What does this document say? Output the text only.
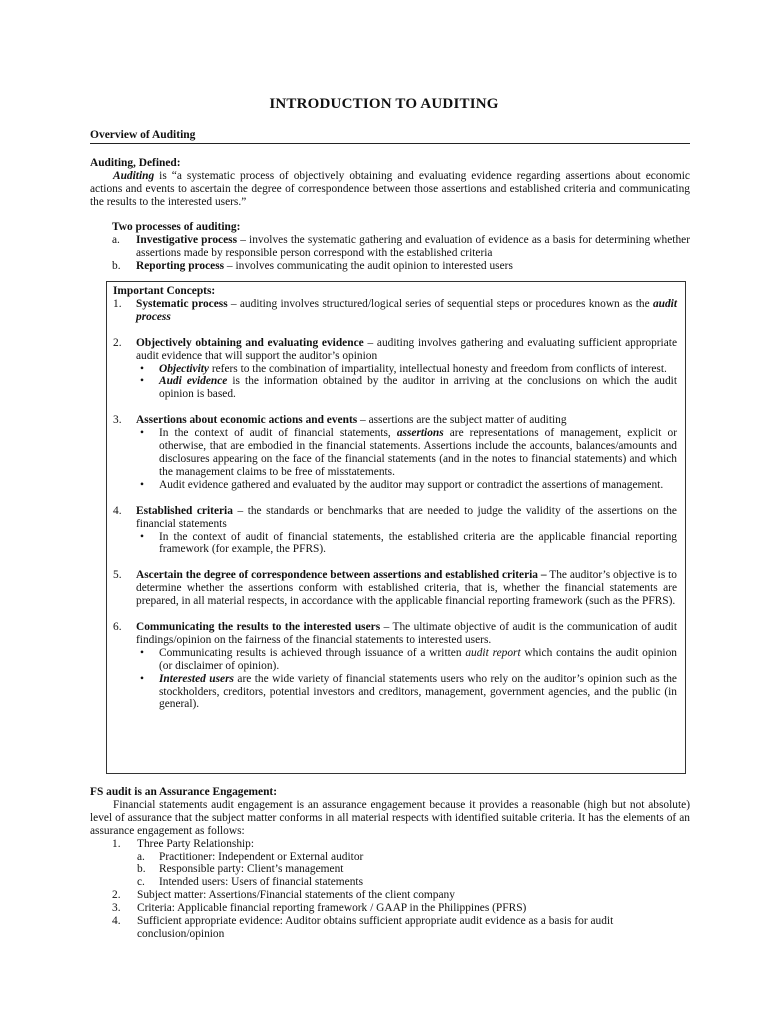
INTRODUCTION TO AUDITING
Overview of Auditing
Auditing, Defined:
Auditing is “a systematic process of objectively obtaining and evaluating evidence regarding assertions about economic actions and events to ascertain the degree of correspondence between those assertions and established criteria and communicating the results to the interested users.”
Two processes of auditing:
a.	Investigative process – involves the systematic gathering and evaluation of evidence as a basis for determining whether assertions made by responsible person correspond with the established criteria
b.	Reporting process – involves communicating the audit opinion to interested users
Important Concepts:
1.	Systematic process – auditing involves structured/logical series of sequential steps or procedures known as the audit process
2.	Objectively obtaining and evaluating evidence – auditing involves gathering and evaluating sufficient appropriate audit evidence that will support the auditor’s opinion
•	Objectivity refers to the combination of impartiality, intellectual honesty and freedom from conflicts of interest.
•	Audi evidence is the information obtained by the auditor in arriving at the conclusions on which the audit opinion is based.
3.	Assertions about economic actions and events – assertions are the subject matter of auditing
•	In the context of audit of financial statements, assertions are representations of management, explicit or otherwise, that are embodied in the financial statements. Assertions include the accounts, balances/amounts and disclosures appearing on the face of the financial statements (and in the notes to financial statements) and which the management claims to be free of misstatements.
•	Audit evidence gathered and evaluated by the auditor may support or contradict the assertions of management.
4.	Established criteria – the standards or benchmarks that are needed to judge the validity of the assertions on the financial statements
•	In the context of audit of financial statements, the established criteria are the applicable financial reporting framework (for example, the PFRS).
5.	Ascertain the degree of correspondence between assertions and established criteria – The auditor’s objective is to determine whether the assertions conform with established criteria, that is, whether the financial statements are prepared, in all material respects, in accordance with the applicable financial reporting framework (such as the PFRS).
6.	Communicating the results to the interested users – The ultimate objective of audit is the communication of audit findings/opinion on the fairness of the financial statements to interested users.
•	Communicating results is achieved through issuance of a written audit report which contains the audit opinion (or disclaimer of opinion).
•	Interested users are the wide variety of financial statements users who rely on the auditor’s opinion such as the stockholders, creditors, potential investors and creditors, management, government agencies, and the public (in general).
FS audit is an Assurance Engagement:
Financial statements audit engagement is an assurance engagement because it provides a reasonable (high but not absolute) level of assurance that the subject matter conforms in all material respects with identified suitable criteria. It has the elements of an assurance engagement as follows:
1.	Three Party Relationship:
a.	Practitioner: Independent or External auditor
b.	Responsible party: Client’s management
c.	Intended users: Users of financial statements
2.	Subject matter: Assertions/Financial statements of the client company
3.	Criteria: Applicable financial reporting framework / GAAP in the Philippines (PFRS)
4.	Sufficient appropriate evidence: Auditor obtains sufficient appropriate audit evidence as a basis for audit conclusion/opinion
